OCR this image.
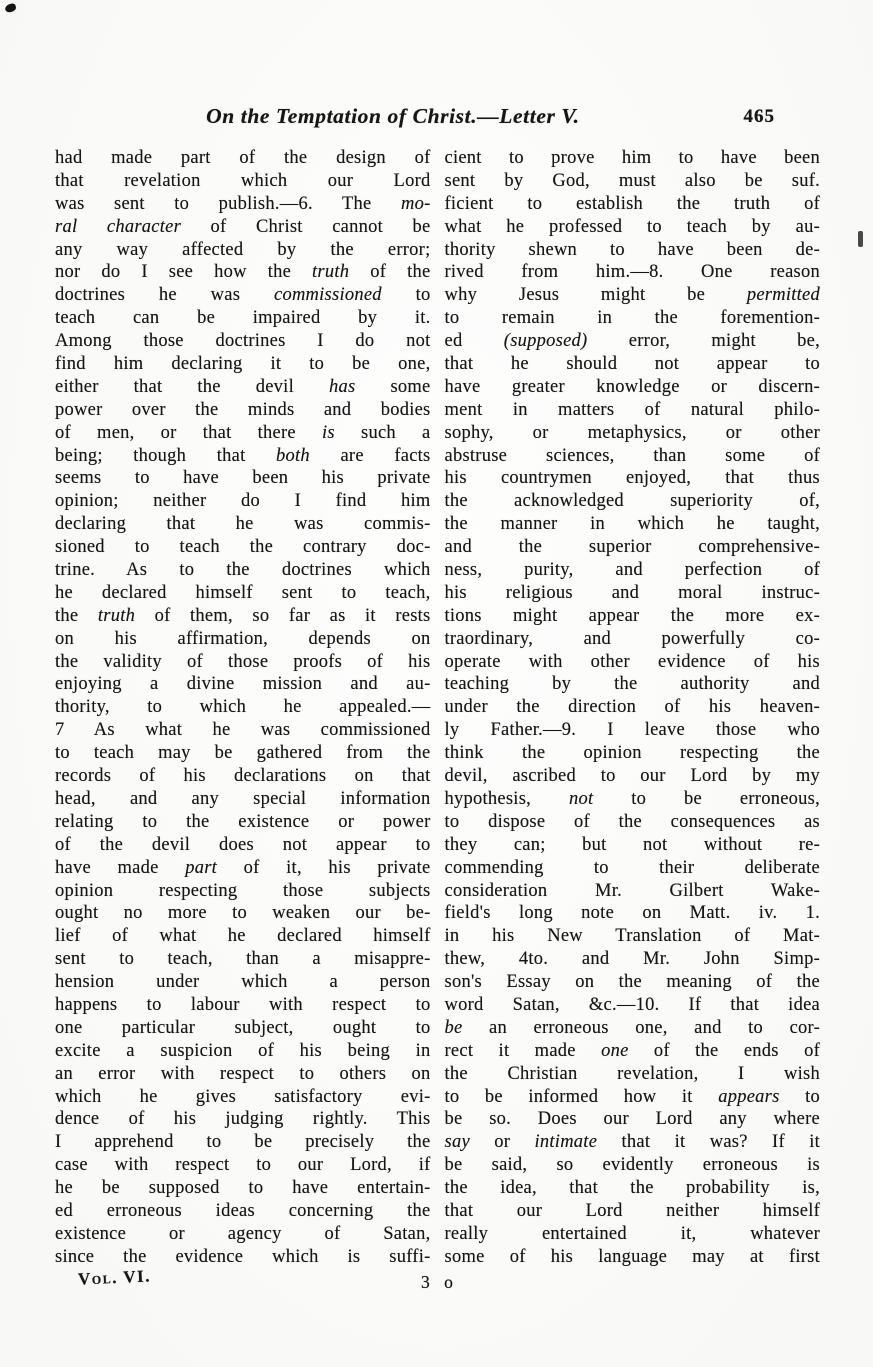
On the Temptation of Christ.—Letter V.	465
had made part of the design of
that revelation which our Lord
was sent to publish.—6. The mo-
ral character of Christ cannot be
any way affected by the error;
nor do I see how the truth of the
doctrines he was commissioned to
teach can be impaired by it.
Among those doctrines I do not
find him declaring it to be one,
either that the devil has some
power over the minds and bodies
of men, or that there is such a
being; though that both are facts
seems to have been his private
opinion; neither do I find him
declaring that he was commis-
sioned to teach the contrary doc-
trine. As to the doctrines which
he declared himself sent to teach,
the truth of them, so far as it rests
on his affirmation, depends on
the validity of those proofs of his
enjoying a divine mission and au-
thority, to which he appealed.—
7 As what he was commissioned
to teach may be gathered from the
records of his declarations on that
head, and any special information
relating to the existence or power
of the devil does not appear to
have made part of it, his private
opinion respecting those subjects
ought no more to weaken our be-
lief of what he declared himself
sent to teach, than a misappre-
hension under which a person
happens to labour with respect to
one particular subject, ought to
excite a suspicion of his being in
an error with respect to others on
which he gives satisfactory evi-
dence of his judging rightly. This
I apprehend to be precisely the
case with respect to our Lord, if
he be supposed to have entertain-
ed erroneous ideas concerning the
existence or agency of Satan,
since the evidence which is suffi-
cient to prove him to have been
sent by God, must also be suf.
ficient to establish the truth of
what he professed to teach by au-
thority shewn to have been de-
rived from him.—8. One reason
why Jesus might be permitted
to remain in the foremention-
ed (supposed) error, might be,
that he should not appear to
have greater knowledge or discern-
ment in matters of natural philo-
sophy, or metaphysics, or other
abstruse sciences, than some of
his countrymen enjoyed, that thus
the acknowledged superiority of,
the manner in which he taught,
and the superior comprehensive-
ness, purity, and perfection of
his religious and moral instruc-
tions might appear the more ex-
traordinary, and powerfully co-
operate with other evidence of his
teaching by the authority and
under the direction of his heaven-
ly Father.—9. I leave those who
think the opinion respecting the
devil, ascribed to our Lord by my
hypothesis, not to be erroneous,
to dispose of the consequences as
they can; but not without re-
commending to their deliberate
consideration Mr. Gilbert Wake-
field's long note on Matt. iv. 1.
in his New Translation of Mat-
thew, 4to. and Mr. John Simp-
son's Essay on the meaning of the
word Satan, &c.—10. If that idea
be an erroneous one, and to cor-
rect it made one of the ends of
the Christian revelation, I wish
to be informed how it appears to
be so. Does our Lord any where
say or intimate that it was? If it
be said, so evidently erroneous is
the idea, that the probability is,
that our Lord neither himself
really entertained it, whatever
some of his language may at first
Vol. VI.	3 o
